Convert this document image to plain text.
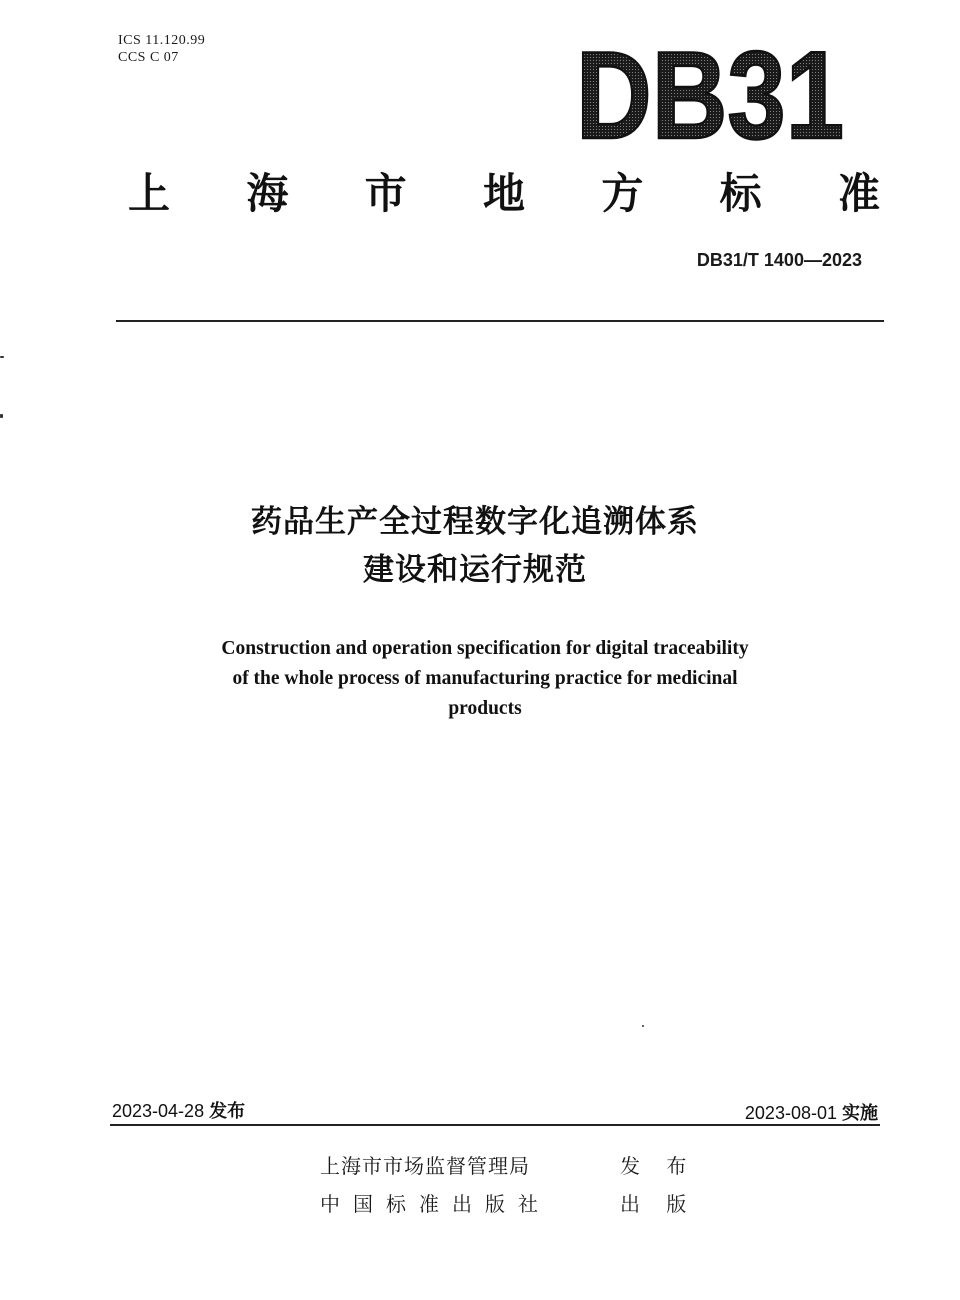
ICS 11.120.99
CCS C 07	DB31
上 海 市 地 方 标 准
DB31/T 1400—2023
药品生产全过程数字化追溯体系
建设和运行规范
Construction and operation specification for digital traceability
of the whole process of manufacturing practice for medicinal
products
2023-04-28 发布	2023-08-01 实施
上海市市场监督管理局	发 布
中国标准出版社	出 版
